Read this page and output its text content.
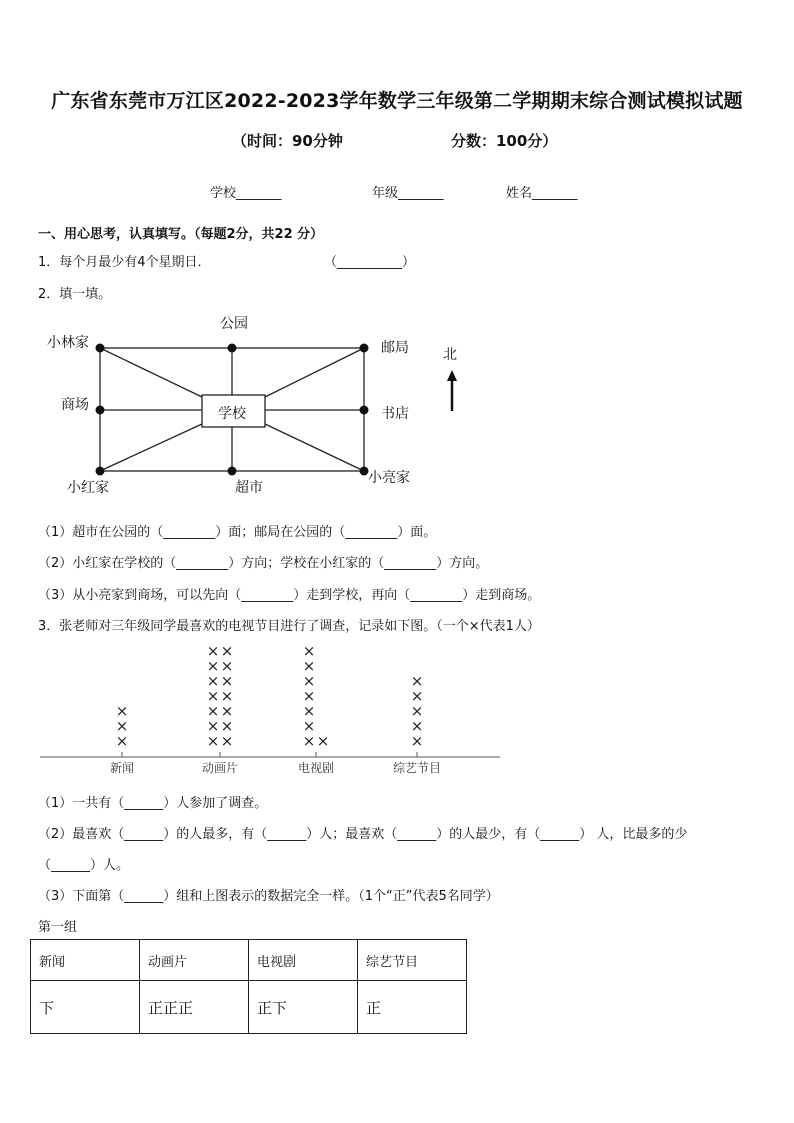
广东省东莞市万江区2022-2023学年数学三年级第二学期期末综合测试模拟试题
（时间：90分钟	分数：100分）
学校_______	年级_______	姓名_______
一、用心思考，认真填写。（每题2分，共22 分）
1．每个月最少有4个星期日．	（__________）
2．填一填。
公园
小林家	邮局
商场
学校	书店
小红家	超市
小亮家
北
（1）超市在公园的（________）面；邮局在公园的（________）面。
（2）小红家在学校的（________）方向；学校在小红家的（________）方向。
（3）从小亮家到商场，可以先向（________）走到学校，再向（________）走到商场。
3．张老师对三年级同学最喜欢的电视节目进行了调查，记录如下图。（一个×代表1人）
×
×
×
新闻
×
×
×
×
×
×
×
×
×
×
×
×
×
×
动画片
×
×
×
×
×
×
×
×
电视剧
×
×
×
×
×
综艺节目
（1）一共有（______）人参加了调查。
（2）最喜欢（______）的人最多，有（______）人；最喜欢（______）的人最少，有（______） 人，比最多的少
（______）人。
（3）下面第（______）组和上图表示的数据完全一样。（1个“正”代表5名同学）
第一组
新闻	动画片	电视剧	综艺节目
下	正正正	正下	正
